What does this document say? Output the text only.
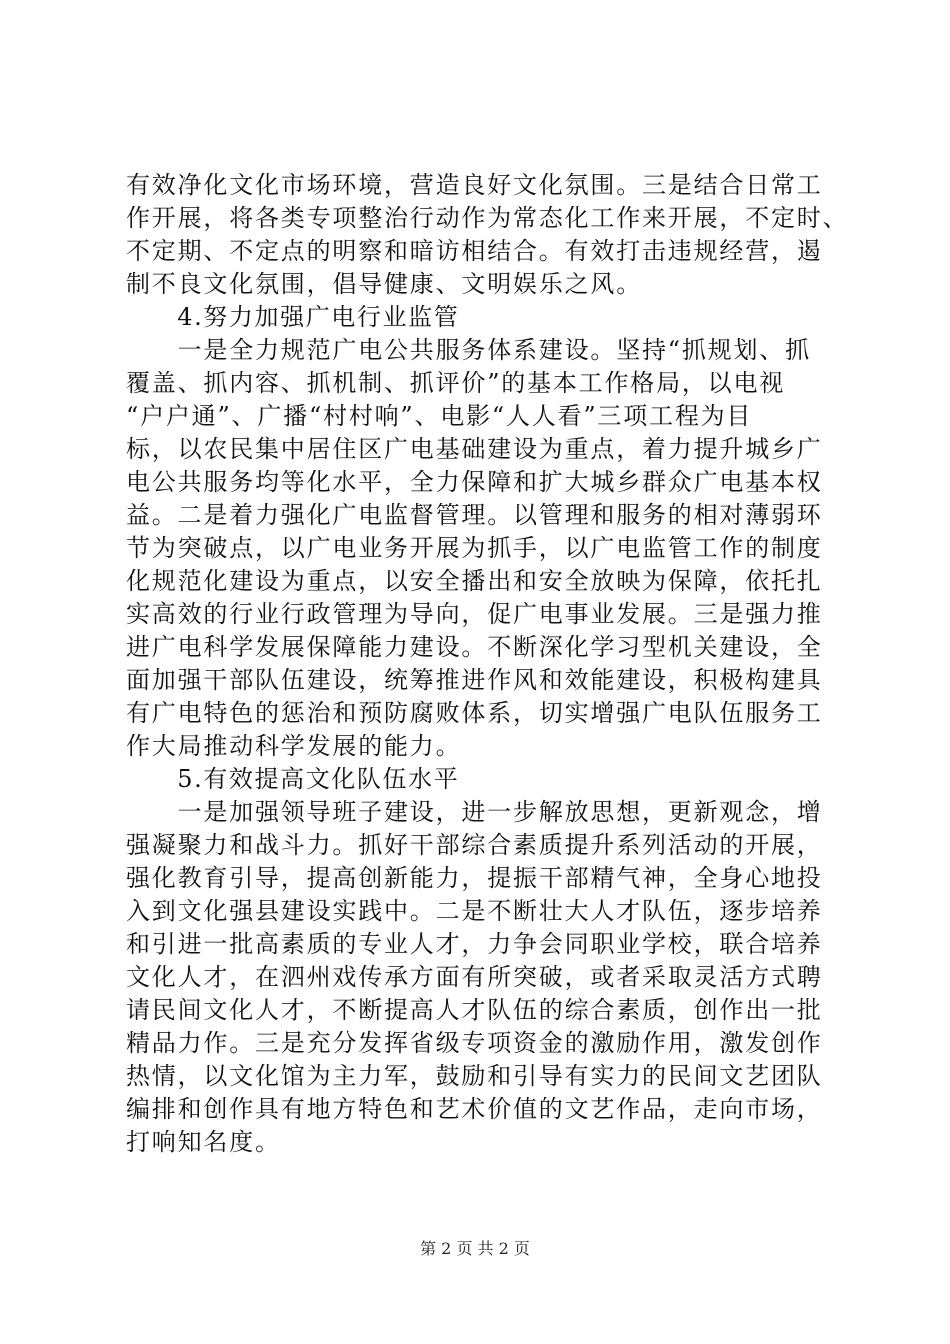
有效净化文化市场环境，营造良好文化氛围。三是结合日常工
作开展，将各类专项整治行动作为常态化工作来开展，不定时、
不定期、不定点的明察和暗访相结合。有效打击违规经营，遏
制不良文化氛围，倡导健康、文明娱乐之风。
　　4.努力加强广电行业监管
　　一是全力规范广电公共服务体系建设。坚持“抓规划、抓
覆盖、抓内容、抓机制、抓评价”的基本工作格局，以电视
“户户通”、广播“村村响”、电影“人人看”三项工程为目
标，以农民集中居住区广电基础建设为重点，着力提升城乡广
电公共服务均等化水平，全力保障和扩大城乡群众广电基本权
益。二是着力强化广电监督管理。以管理和服务的相对薄弱环
节为突破点，以广电业务开展为抓手，以广电监管工作的制度
化规范化建设为重点，以安全播出和安全放映为保障，依托扎
实高效的行业行政管理为导向，促广电事业发展。三是强力推
进广电科学发展保障能力建设。不断深化学习型机关建设，全
面加强干部队伍建设，统筹推进作风和效能建设，积极构建具
有广电特色的惩治和预防腐败体系，切实增强广电队伍服务工
作大局推动科学发展的能力。
　　5.有效提高文化队伍水平
　　一是加强领导班子建设，进一步解放思想，更新观念，增
强凝聚力和战斗力。抓好干部综合素质提升系列活动的开展，
强化教育引导，提高创新能力，提振干部精气神，全身心地投
入到文化强县建设实践中。二是不断壮大人才队伍，逐步培养
和引进一批高素质的专业人才，力争会同职业学校，联合培养
文化人才，在泗州戏传承方面有所突破，或者采取灵活方式聘
请民间文化人才，不断提高人才队伍的综合素质，创作出一批
精品力作。三是充分发挥省级专项资金的激励作用，激发创作
热情，以文化馆为主力军，鼓励和引导有实力的民间文艺团队
编排和创作具有地方特色和艺术价值的文艺作品，走向市场，
打响知名度。
第 2 页 共 2 页
